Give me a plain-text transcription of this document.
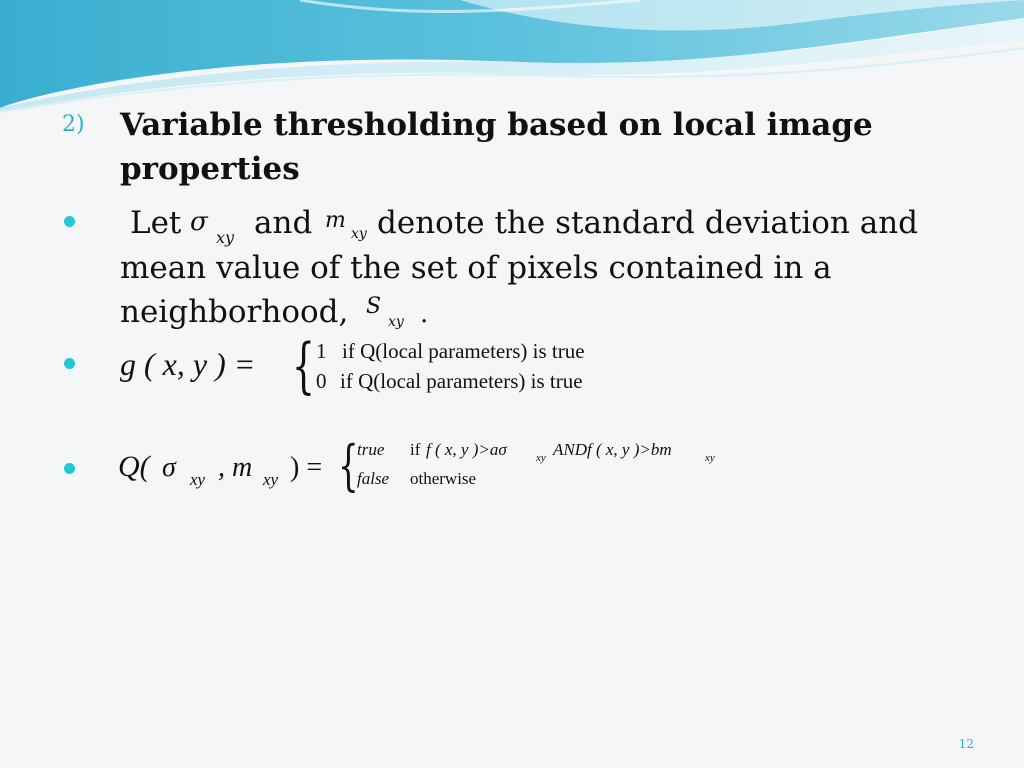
2) Variable thresholding based on local image properties
Let σ
xy and m
xy denote the standard deviation and
mean value of the set of pixels contained in a
neighborhood, S
xy .
g ( x, y ) = { 1 if Q(local parameters) is true
0 if Q(local parameters) is true
Q( σ xy , m xy ) = {
true if f ( x, y )>aσ	xy ANDf ( x, y )>bm	xy
false otherwise
12
